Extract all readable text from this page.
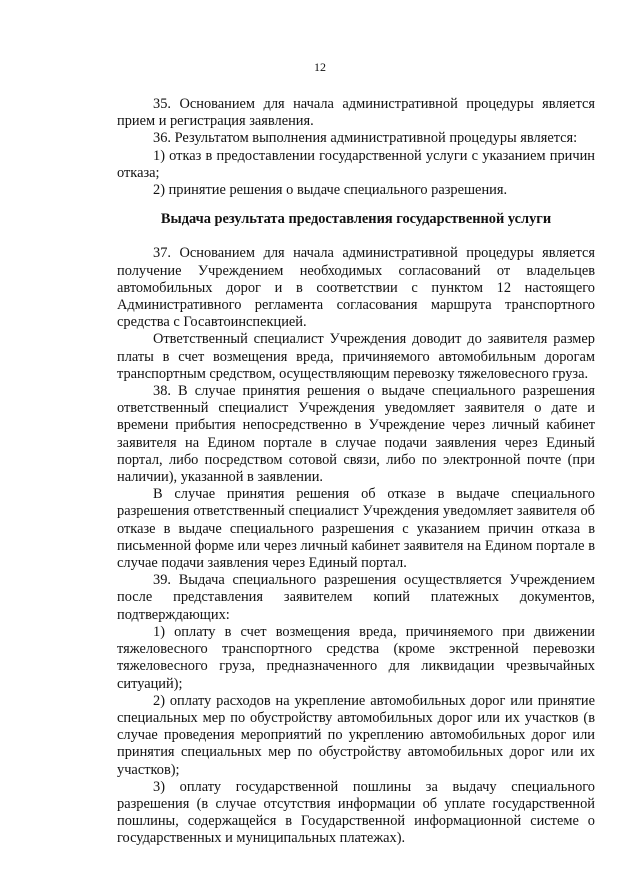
12

35. Основанием для начала административной процедуры является прием и регистрация заявления.

36. Результатом выполнения административной процедуры является:

1) отказ в предоставлении государственной услуги с указанием причин отказа;

2) принятие решения о выдаче специального разрешения.

Выдача результата предоставления государственной услуги

37. Основанием для начала административной процедуры является получение Учреждением необходимых согласований от владельцев автомобильных дорог и в соответствии с пунктом 12 настоящего Административного регламента согласования маршрута транспортного средства с Госавтоинспекцией.

Ответственный специалист Учреждения доводит до заявителя размер платы в счет возмещения вреда, причиняемого автомобильным дорогам транспортным средством, осуществляющим перевозку тяжеловесного груза.

38. В случае принятия решения о выдаче специального разрешения ответственный специалист Учреждения уведомляет заявителя о дате и времени прибытия непосредственно в Учреждение через личный кабинет заявителя на Едином портале в случае подачи заявления через Единый портал, либо посредством сотовой связи, либо по электронной почте (при наличии), указанной в заявлении.

В случае принятия решения об отказе в выдаче специального разрешения ответственный специалист Учреждения уведомляет заявителя об отказе в выдаче специального разрешения с указанием причин отказа в письменной форме или через личный кабинет заявителя на Едином портале в случае подачи заявления через Единый портал.

39. Выдача специального разрешения осуществляется Учреждением после представления заявителем копий платежных документов, подтверждающих:

1) оплату в счет возмещения вреда, причиняемого при движении тяжеловесного транспортного средства (кроме экстренной перевозки тяжеловесного груза, предназначенного для ликвидации чрезвычайных ситуаций);

2) оплату расходов на укрепление автомобильных дорог или принятие специальных мер по обустройству автомобильных дорог или их участков (в случае проведения мероприятий по укреплению автомобильных дорог или принятия специальных мер по обустройству автомобильных дорог или их участков);

3) оплату государственной пошлины за выдачу специального разрешения (в случае отсутствия информации об уплате государственной пошлины, содержащейся в Государственной информационной системе о государственных и муниципальных платежах).
